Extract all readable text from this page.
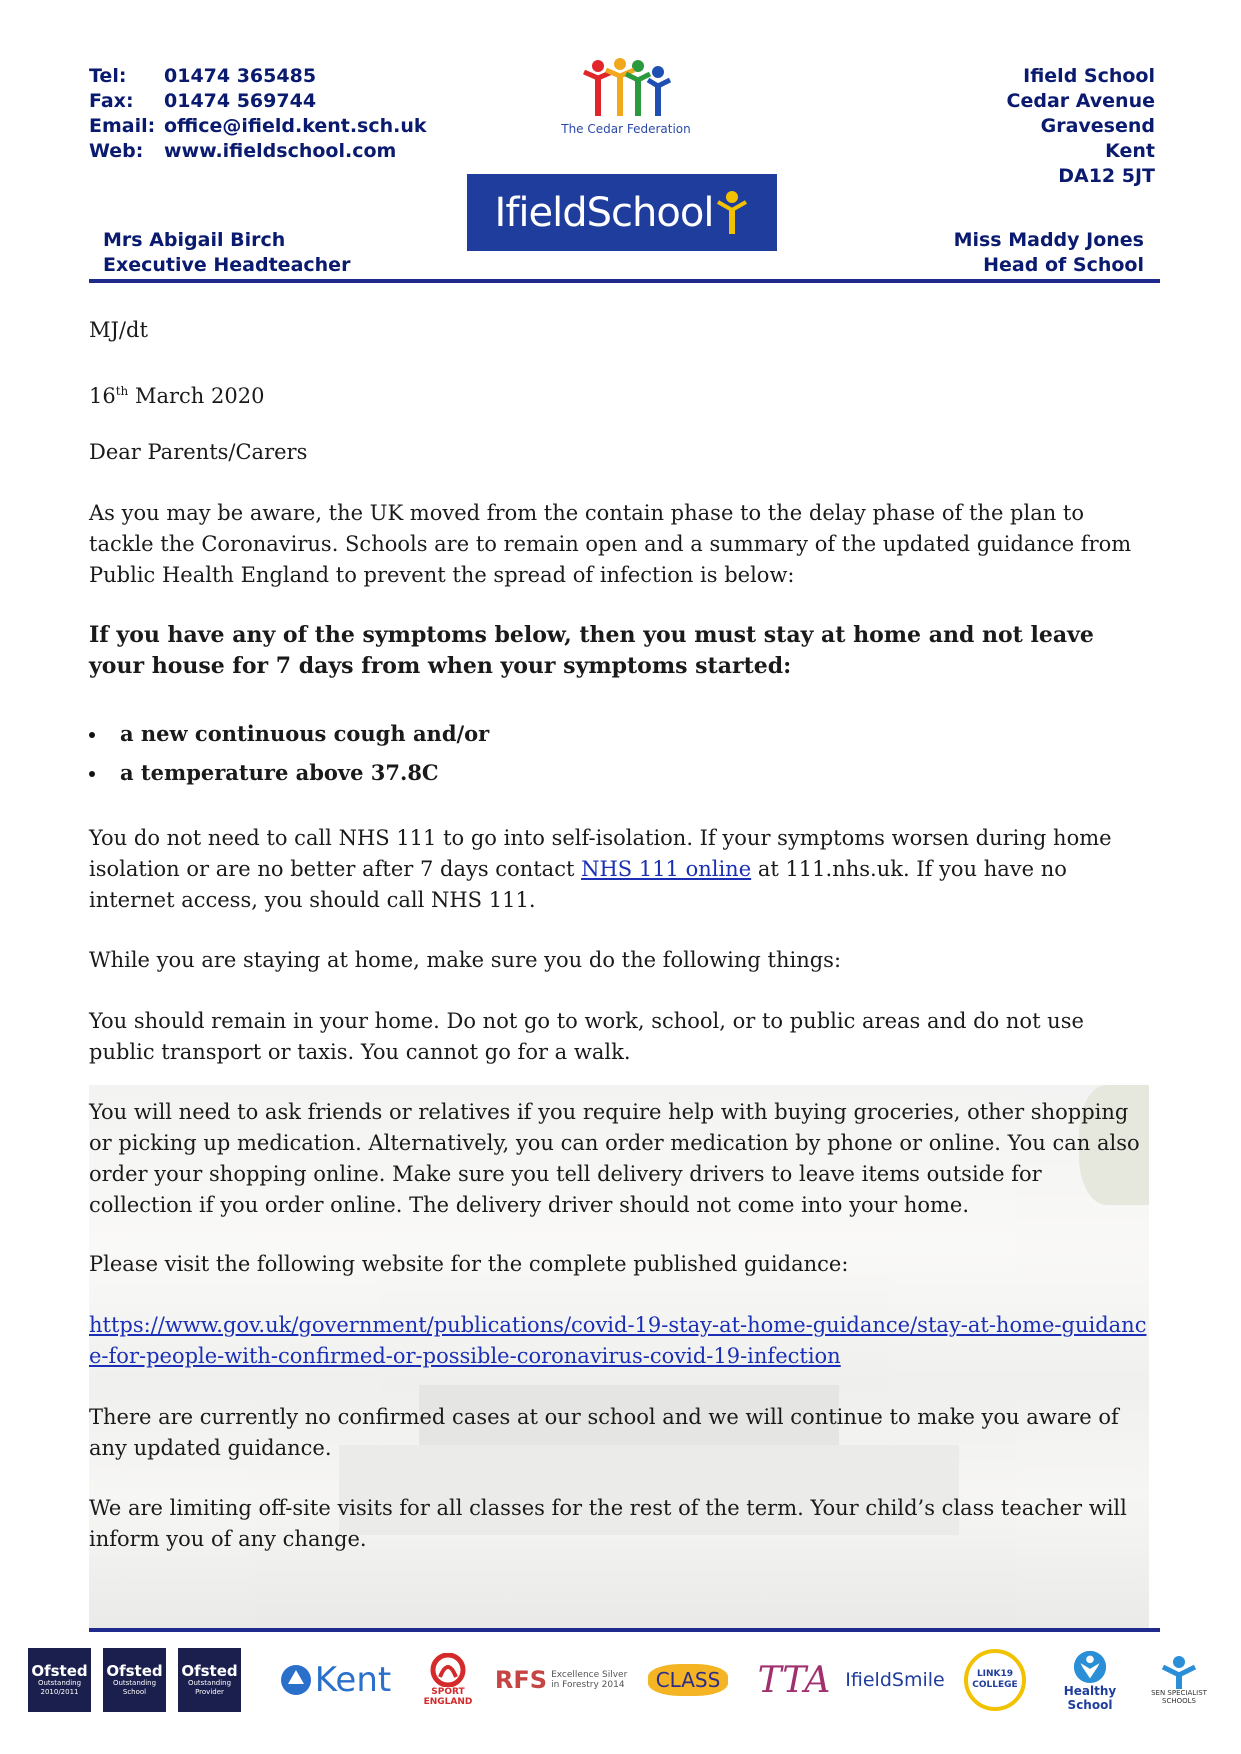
Tel:	01474 365485
Fax:	01474 569744
Email: office@ifield.kent.sch.uk
Web:	www.ifieldschool.com
The Cedar Federation
Ifield School
Cedar Avenue
Gravesend
Kent
DA12 5JT
IfieldSchool
Mrs Abigail Birch
Executive Headteacher
Miss Maddy Jones
Head of School

MJ/dt

16th March 2020

Dear Parents/Carers

As you may be aware, the UK moved from the contain phase to the delay phase of the plan to tackle the Coronavirus. Schools are to remain open and a summary of the updated guidance from Public Health England to prevent the spread of infection is below:

If you have any of the symptoms below, then you must stay at home and not leave your house for 7 days from when your symptoms started:

a new continuous cough and/or
a temperature above 37.8C

You do not need to call NHS 111 to go into self-isolation. If your symptoms worsen during home isolation or are no better after 7 days contact NHS 111 online at 111.nhs.uk. If you have no internet access, you should call NHS 111.

While you are staying at home, make sure you do the following things:

You should remain in your home. Do not go to work, school, or to public areas and do not use public transport or taxis. You cannot go for a walk.

You will need to ask friends or relatives if you require help with buying groceries, other shopping or picking up medication. Alternatively, you can order medication by phone or online. You can also order your shopping online. Make sure you tell delivery drivers to leave items outside for collection if you order online. The delivery driver should not come into your home.

Please visit the following website for the complete published guidance:

https://www.gov.uk/government/publications/covid-19-stay-at-home-guidance/stay-at-home-guidance-for-people-with-confirmed-or-possible-coronavirus-covid-19-infection

There are currently no confirmed cases at our school and we will continue to make you aware of any updated guidance.

We are limiting off-site visits for all classes for the rest of the term. Your child’s class teacher will inform you of any change.

Ofsted
Outstanding
2010/2011
Ofsted
Outstanding
School
Ofsted
Outstanding
Provider	Kent	SPORT ENGLAND
RFS Excellence Silver in Forestry 2014	CLASS TTA IfieldSmile	LINK19 COLLEGE	Healthy School
SEN SPECIALIST SCHOOLS
